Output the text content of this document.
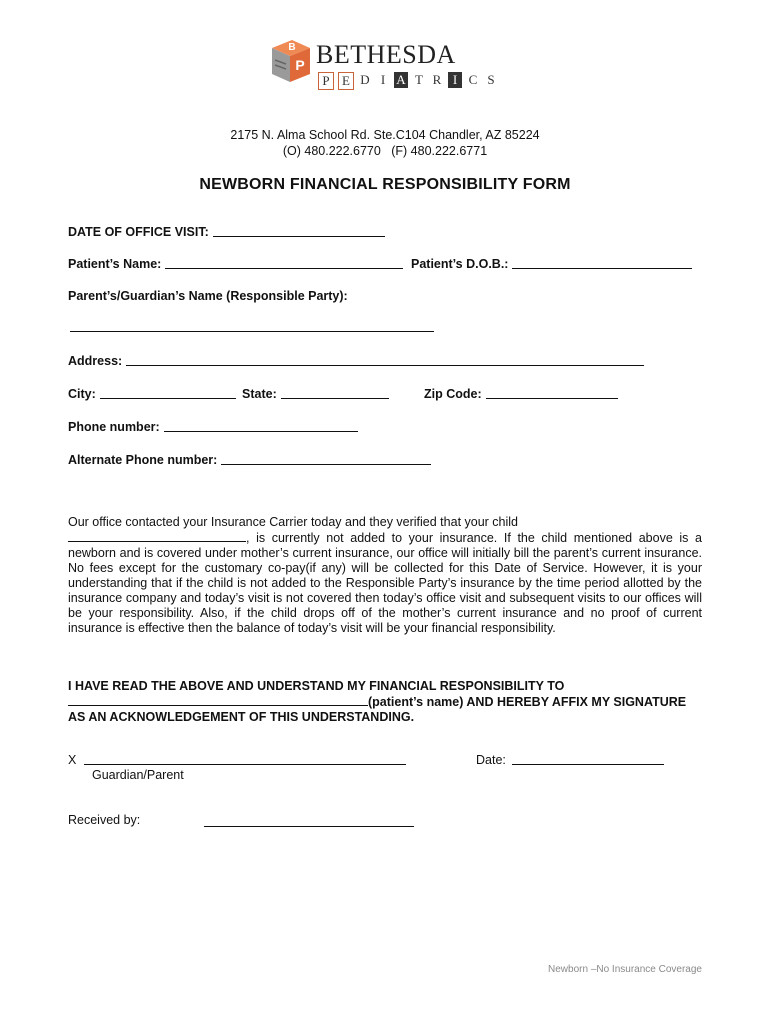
B
P BETHESDA
P E D I A T R I C S
2175 N. Alma School Rd. Ste.C104 Chandler, AZ 85224
(O) 480.222.6770   (F) 480.222.6771
NEWBORN FINANCIAL RESPONSIBILITY FORM
DATE OF OFFICE VISIT:
Patient’s Name:	Patient’s D.O.B.:
Parent’s/Guardian’s Name (Responsible Party):
Address:
City:	State:	Zip Code:
Phone number:
Alternate Phone number:
Our office contacted your Insurance Carrier today and they verified that your child
, is currently not added to your insurance. If the child mentioned above is a newborn and is covered under mother’s current insurance, our office will initially bill the parent’s current insurance. No fees except for the customary co-pay(if any) will be collected for this Date of Service. However, it is your understanding that if the child is not added to the Responsible Party’s insurance by the time period allotted by the insurance company and today’s visit is not covered then today’s office visit and subsequent visits to our offices will be your responsibility. Also, if the child drops off of the mother’s current insurance and no proof of current insurance is effective then the balance of today’s visit will be your financial responsibility.
I HAVE READ THE ABOVE AND UNDERSTAND MY FINANCIAL RESPONSIBILITY TO
(patient’s name) AND HEREBY AFFIX MY SIGNATURE
AS AN ACKNOWLEDGEMENT OF THIS UNDERSTANDING.
X
Guardian/Parent
Date:
Received by:
Newborn –No Insurance Coverage
